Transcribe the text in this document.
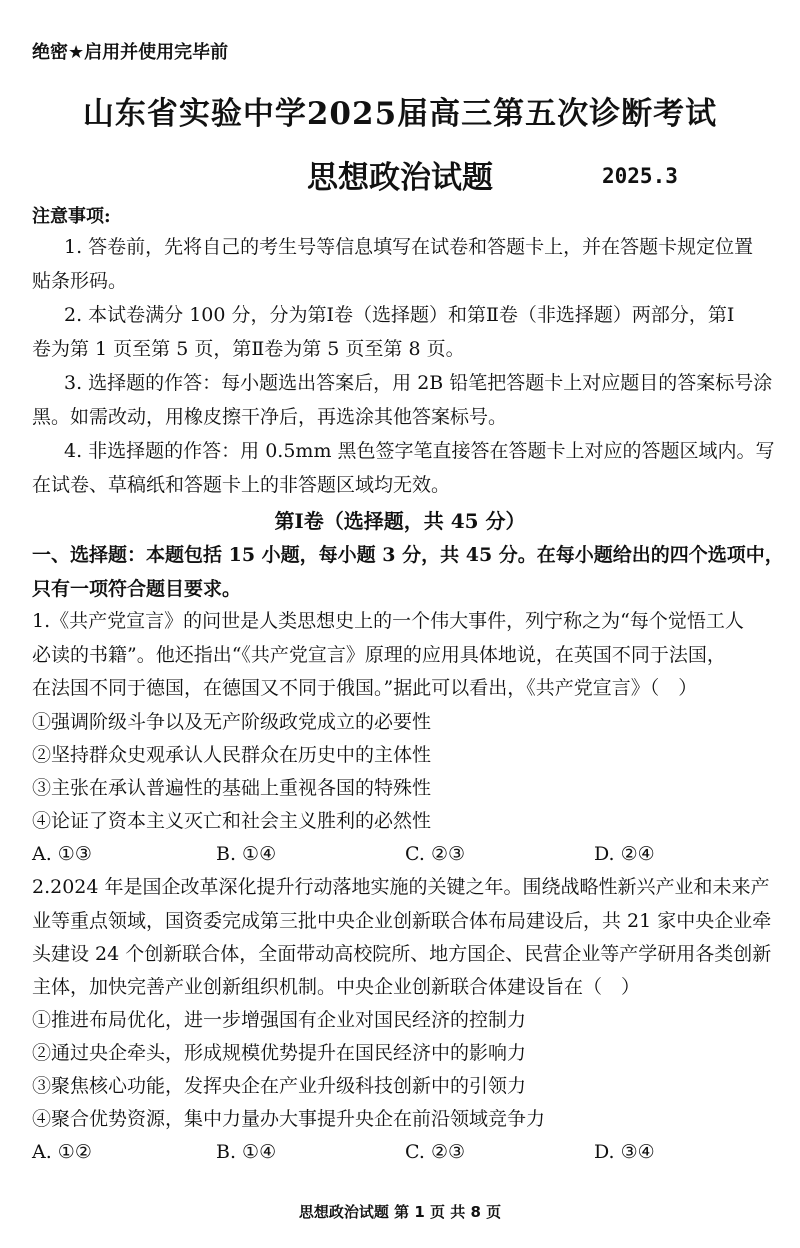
绝密★启用并使用完毕前
山东省实验中学2025届高三第五次诊断考试
思想政治试题	2025.3
注意事项:
1. 答卷前，先将自己的考生号等信息填写在试卷和答题卡上，并在答题卡规定位置
贴条形码。
2. 本试卷满分 100 分，分为第Ⅰ卷（选择题）和第Ⅱ卷（非选择题）两部分，第Ⅰ
卷为第 1 页至第 5 页，第Ⅱ卷为第 5 页至第 8 页。
3. 选择题的作答：每小题选出答案后，用 2B 铅笔把答题卡上对应题目的答案标号涂
黑。如需改动，用橡皮擦干净后，再选涂其他答案标号。
4. 非选择题的作答：用 0.5mm 黑色签字笔直接答在答题卡上对应的答题区域内。写
在试卷、草稿纸和答题卡上的非答题区域均无效。
第Ⅰ卷（选择题，共 45 分）
一、选择题：本题包括 15 小题，每小题 3 分，共 45 分。在每小题给出的四个选项中，
只有一项符合题目要求。
1.《共产党宣言》的问世是人类思想史上的一个伟大事件，列宁称之为“每个觉悟工人
必读的书籍”。他还指出“《共产党宣言》原理的应用具体地说，在英国不同于法国，
在法国不同于德国，在德国又不同于俄国。”据此可以看出，《共产党宣言》（　）
①强调阶级斗争以及无产阶级政党成立的必要性
②坚持群众史观承认人民群众在历史中的主体性
③主张在承认普遍性的基础上重视各国的特殊性
④论证了资本主义灭亡和社会主义胜利的必然性
A. ①③	B. ①④	C. ②③	D. ②④
2.2024 年是国企改革深化提升行动落地实施的关键之年。围绕战略性新兴产业和未来产
业等重点领域，国资委完成第三批中央企业创新联合体布局建设后，共 21 家中央企业牵
头建设 24 个创新联合体，全面带动高校院所、地方国企、民营企业等产学研用各类创新
主体，加快完善产业创新组织机制。中央企业创新联合体建设旨在（　）
①推进布局优化，进一步增强国有企业对国民经济的控制力
②通过央企牵头，形成规模优势提升在国民经济中的影响力
③聚焦核心功能，发挥央企在产业升级科技创新中的引领力
④聚合优势资源，集中力量办大事提升央企在前沿领域竞争力
A. ①②	B. ①④	C. ②③	D. ③④
思想政治试题 第 1 页 共 8 页
